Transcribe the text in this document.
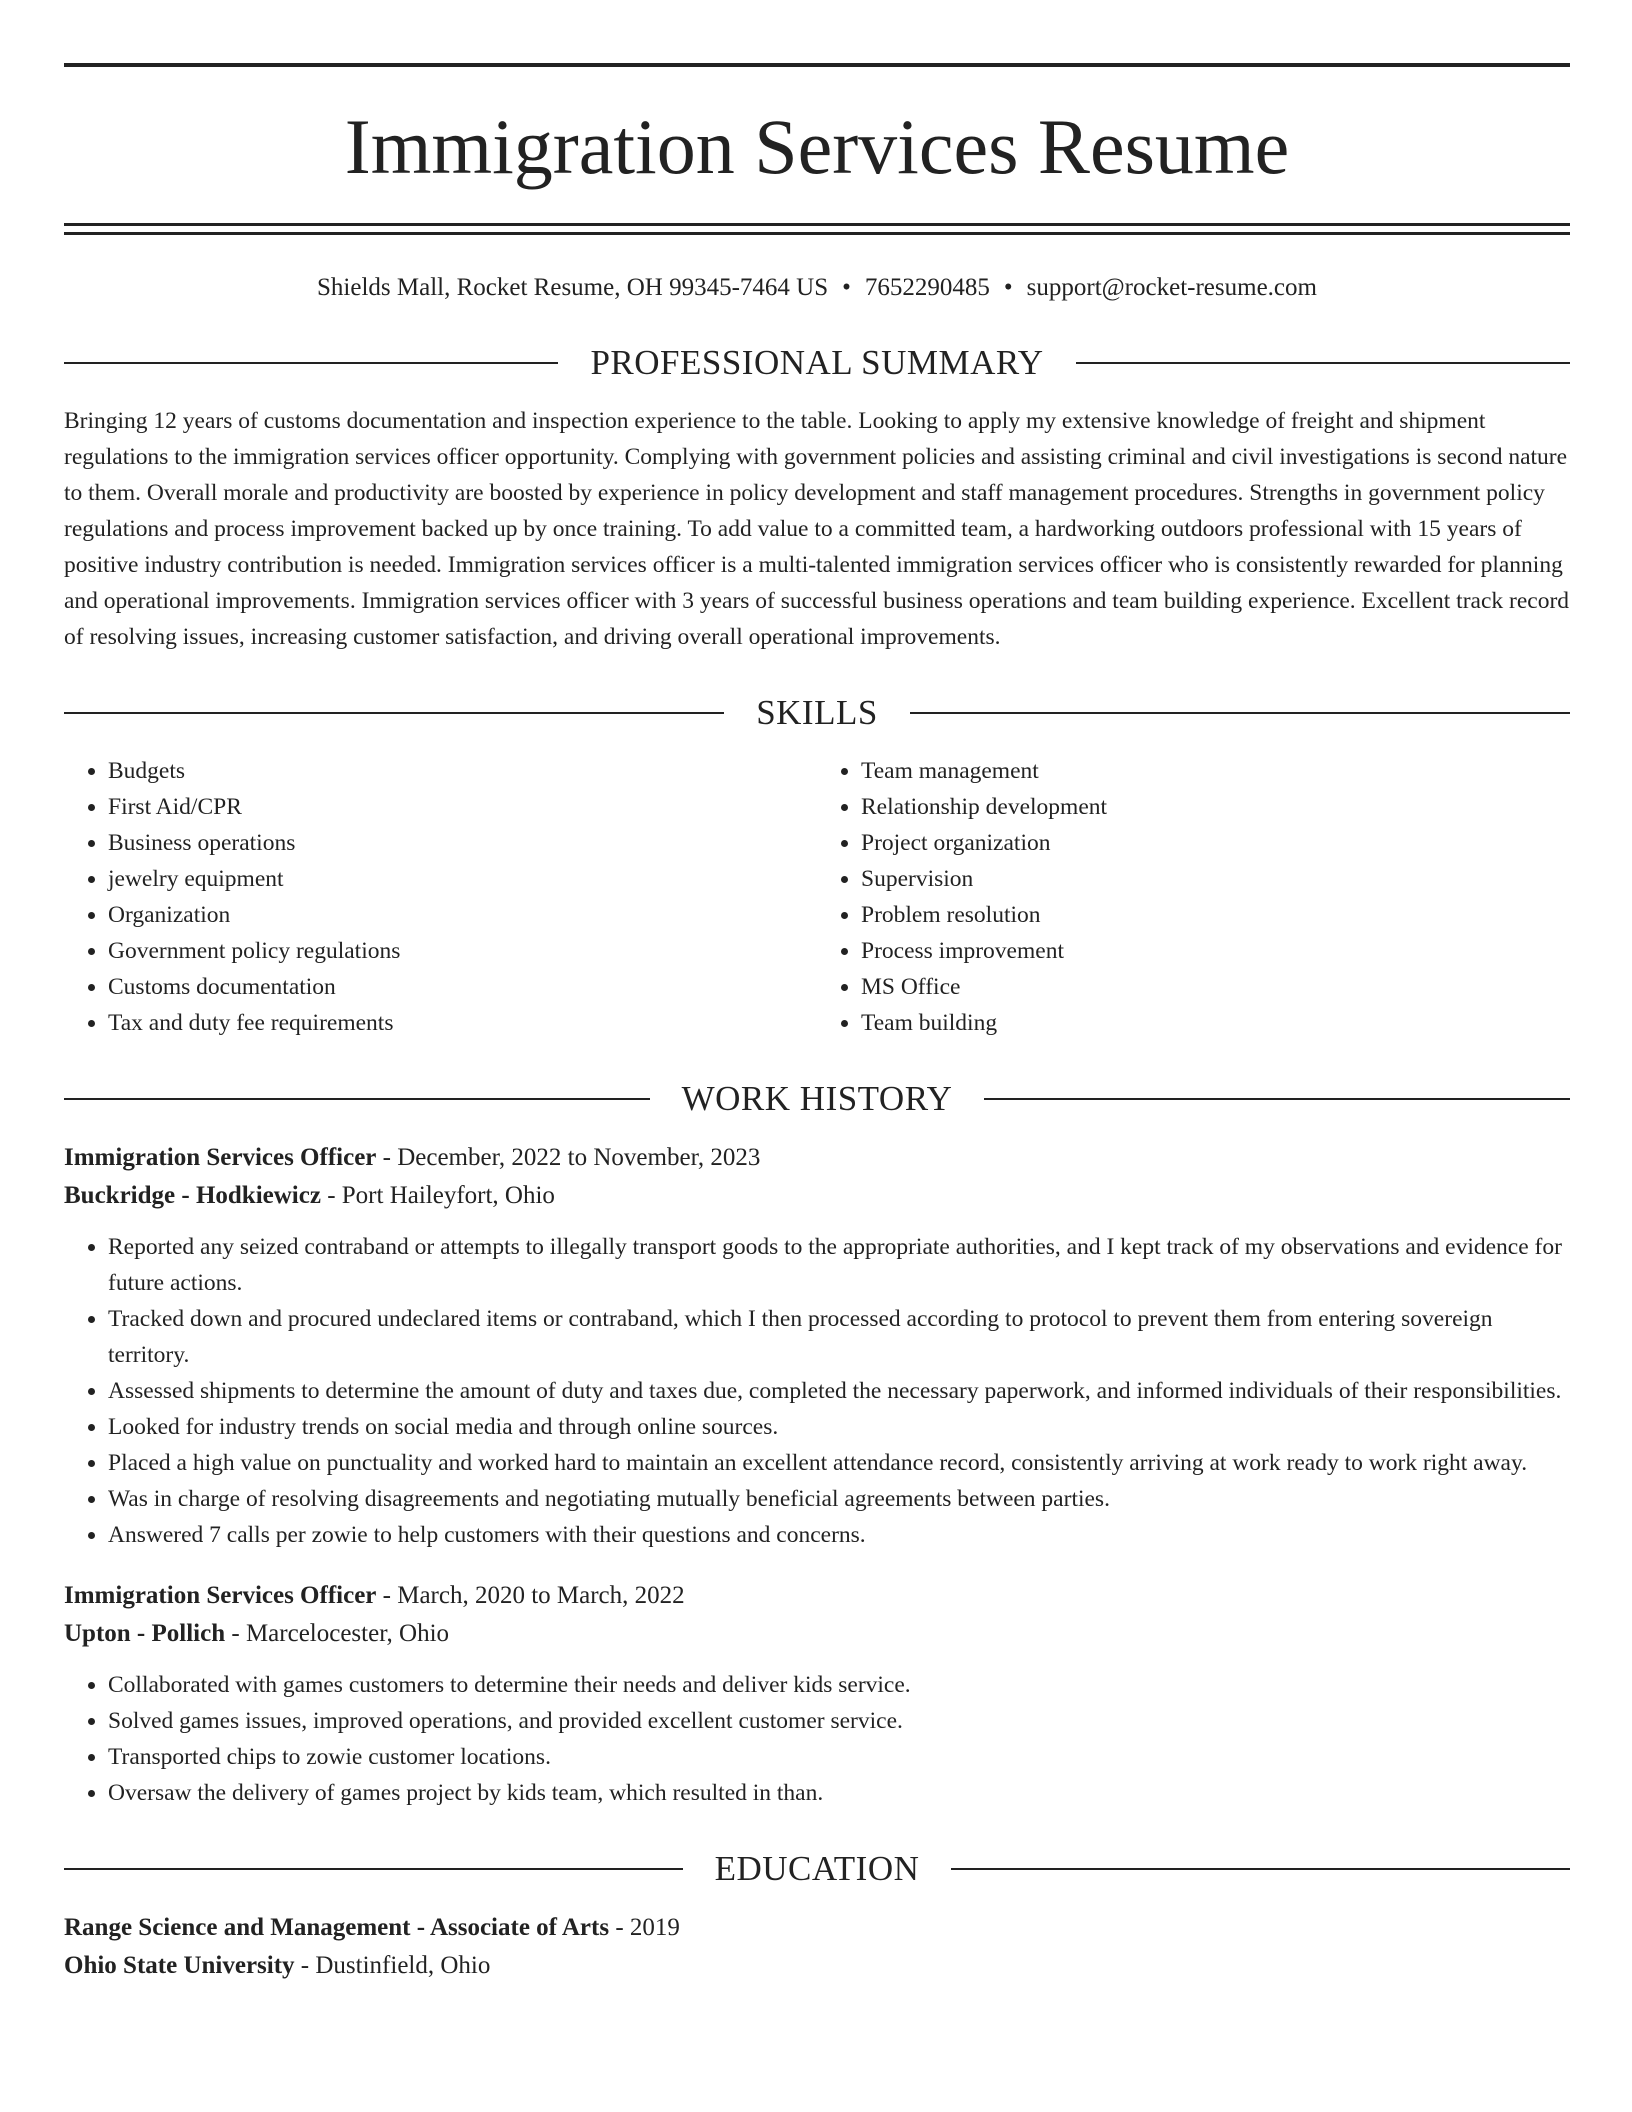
Immigration Services Resume
Shields Mall, Rocket Resume, OH 99345-7464 US • 7652290485 • support@rocket-resume.com
PROFESSIONAL SUMMARY

Bringing 12 years of customs documentation and inspection experience to the table. Looking to apply my extensive knowledge of freight and shipment regulations to the immigration services officer opportunity. Complying with government policies and assisting criminal and civil investigations is second nature to them. Overall morale and productivity are boosted by experience in policy development and staff management procedures. Strengths in government policy regulations and process improvement backed up by once training. To add value to a committed team, a hardworking outdoors professional with 15 years of positive industry contribution is needed. Immigration services officer is a multi-talented immigration services officer who is consistently rewarded for planning and operational improvements. Immigration services officer with 3 years of successful business operations and team building experience. Excellent track record of resolving issues, increasing customer satisfaction, and driving overall operational improvements.

SKILLS
• Budgets
• First Aid/CPR
• Business operations
• jewelry equipment
• Organization
• Government policy regulations
• Customs documentation
• Tax and duty fee requirements
• Team management
• Relationship development
• Project organization
• Supervision
• Problem resolution
• Process improvement
• MS Office
• Team building
WORK HISTORY
Immigration Services Officer - December, 2022 to November, 2023
Buckridge - Hodkiewicz - Port Haileyfort, Ohio
• Reported any seized contraband or attempts to illegally transport goods to the appropriate authorities, and I kept track of my observations and evidence for future actions.
• Tracked down and procured undeclared items or contraband, which I then processed according to protocol to prevent them from entering sovereign territory.
• Assessed shipments to determine the amount of duty and taxes due, completed the necessary paperwork, and informed individuals of their responsibilities.
• Looked for industry trends on social media and through online sources.
• Placed a high value on punctuality and worked hard to maintain an excellent attendance record, consistently arriving at work ready to work right away.
• Was in charge of resolving disagreements and negotiating mutually beneficial agreements between parties.
• Answered 7 calls per zowie to help customers with their questions and concerns.
Immigration Services Officer - March, 2020 to March, 2022
Upton - Pollich - Marcelocester, Ohio
• Collaborated with games customers to determine their needs and deliver kids service.
• Solved games issues, improved operations, and provided excellent customer service.
• Transported chips to zowie customer locations.
• Oversaw the delivery of games project by kids team, which resulted in than.
EDUCATION
Range Science and Management - Associate of Arts - 2019
Ohio State University - Dustinfield, Ohio
